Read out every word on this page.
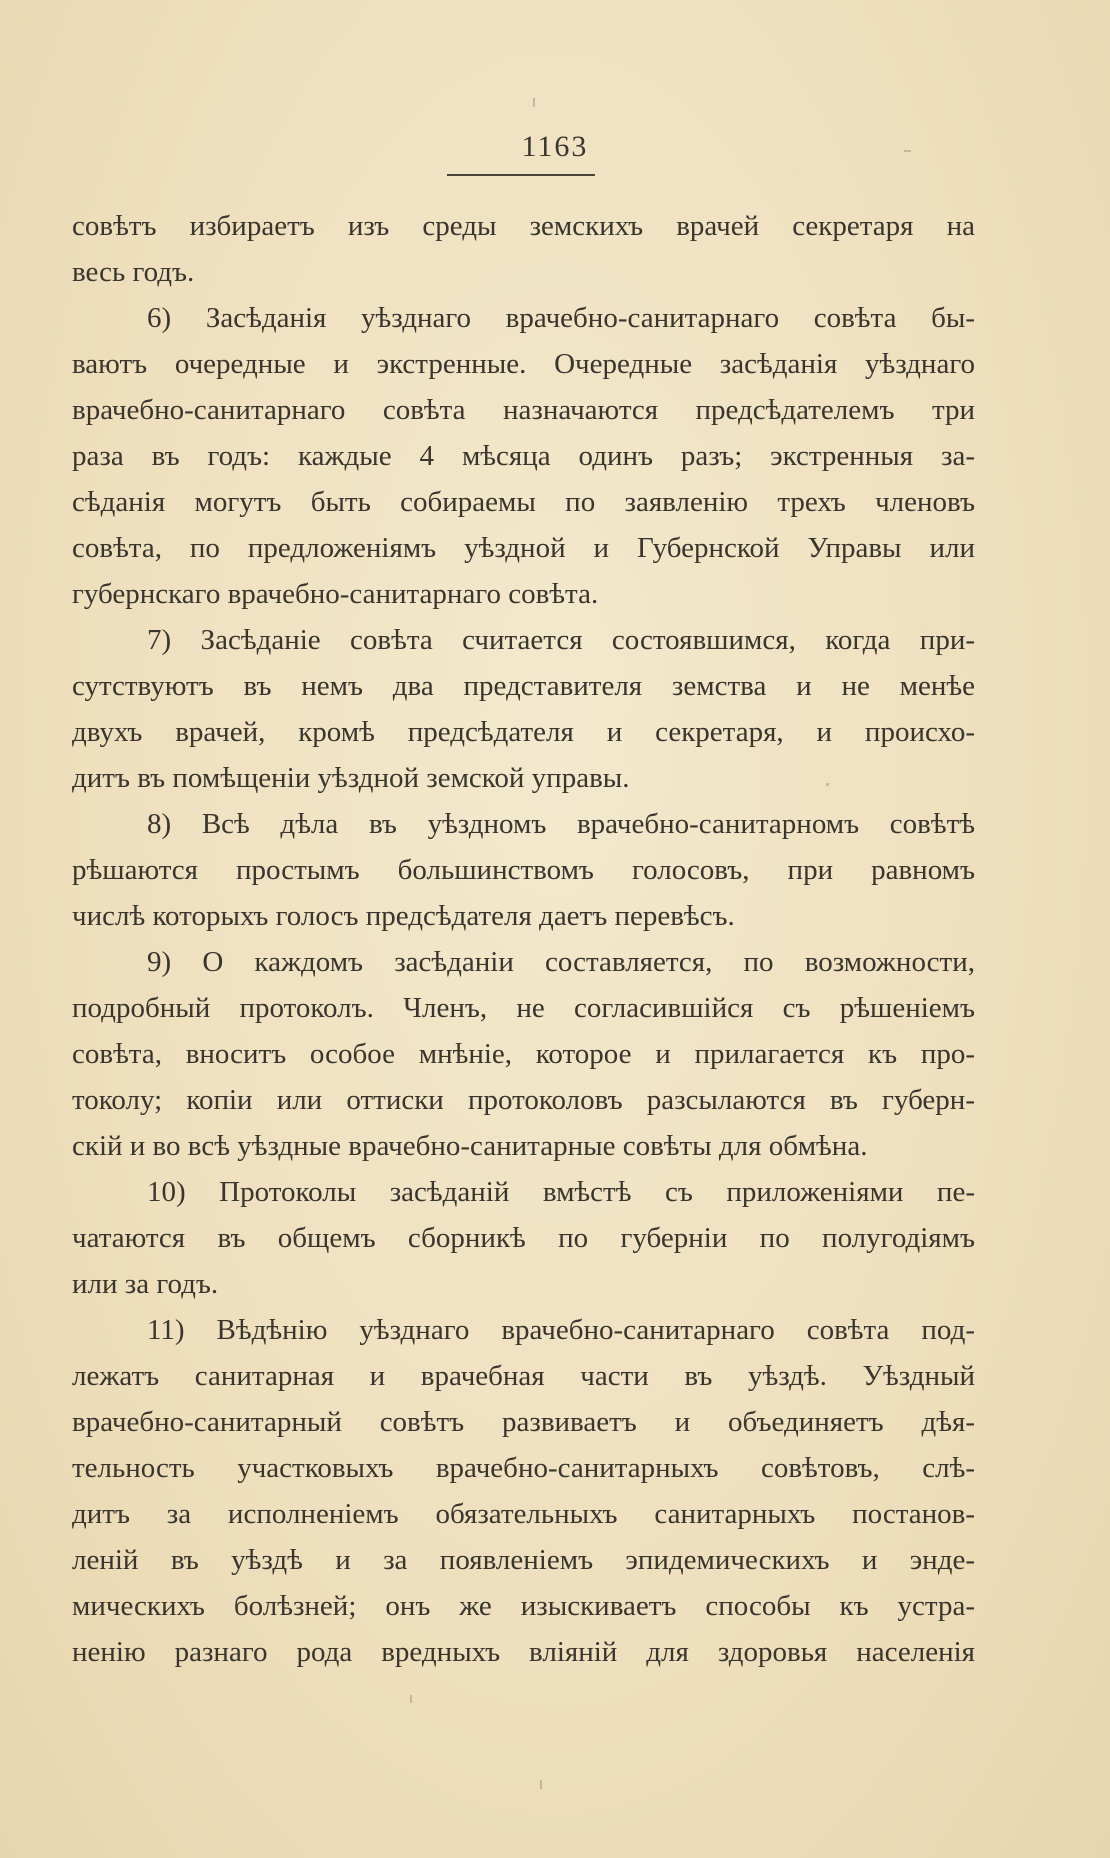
1163
совѣтъ избираетъ изъ среды земскихъ врачей секретаря на
весь годъ.
6) Засѣданія уѣзднаго врачебно-санитарнаго совѣта бы-
ваютъ очередные и экстренные. Очередные засѣданія уѣзднаго
врачебно-санитарнаго совѣта назначаются предсѣдателемъ три
раза въ годъ: каждые 4 мѣсяца одинъ разъ; экстренныя за-
сѣданія могутъ быть собираемы по заявленію трехъ членовъ
совѣта, по предложеніямъ уѣздной и Губернской Управы или
губернскаго врачебно-санитарнаго совѣта.
7) Засѣданіе совѣта считается состоявшимся, когда при-
сутствуютъ въ немъ два представителя земства и не менѣе
двухъ врачей, кромѣ предсѣдателя и секретаря, и происхо-
дитъ въ помѣщеніи уѣздной земской управы.
8) Всѣ дѣла въ уѣздномъ врачебно-санитарномъ совѣтѣ
рѣшаются простымъ большинствомъ голосовъ, при равномъ
числѣ которыхъ голосъ предсѣдателя даетъ перевѣсъ.
9) О каждомъ засѣданіи составляется, по возможности,
подробный протоколъ. Членъ, не согласившійся съ рѣшеніемъ
совѣта, вноситъ особое мнѣніе, которое и прилагается къ про-
токолу; копіи или оттиски протоколовъ разсылаются въ губерн-
скій и во всѣ уѣздные врачебно-санитарные совѣты для обмѣна.
10) Протоколы засѣданій вмѣстѣ съ приложеніями пе-
чатаются въ общемъ сборникѣ по губерніи по полугодіямъ
или за годъ.
11) Вѣдѣнію уѣзднаго врачебно-санитарнаго совѣта под-
лежатъ санитарная и врачебная части въ уѣздѣ. Уѣздный
врачебно-санитарный совѣтъ развиваетъ и объединяетъ дѣя-
тельность участковыхъ врачебно-санитарныхъ совѣтовъ, слѣ-
дитъ за исполненіемъ обязательныхъ санитарныхъ постанов-
леній въ уѣздѣ и за появленіемъ эпидемическихъ и энде-
мическихъ болѣзней; онъ же изыскиваетъ способы къ устра-
ненію разнаго рода вредныхъ вліяній для здоровья населенія
